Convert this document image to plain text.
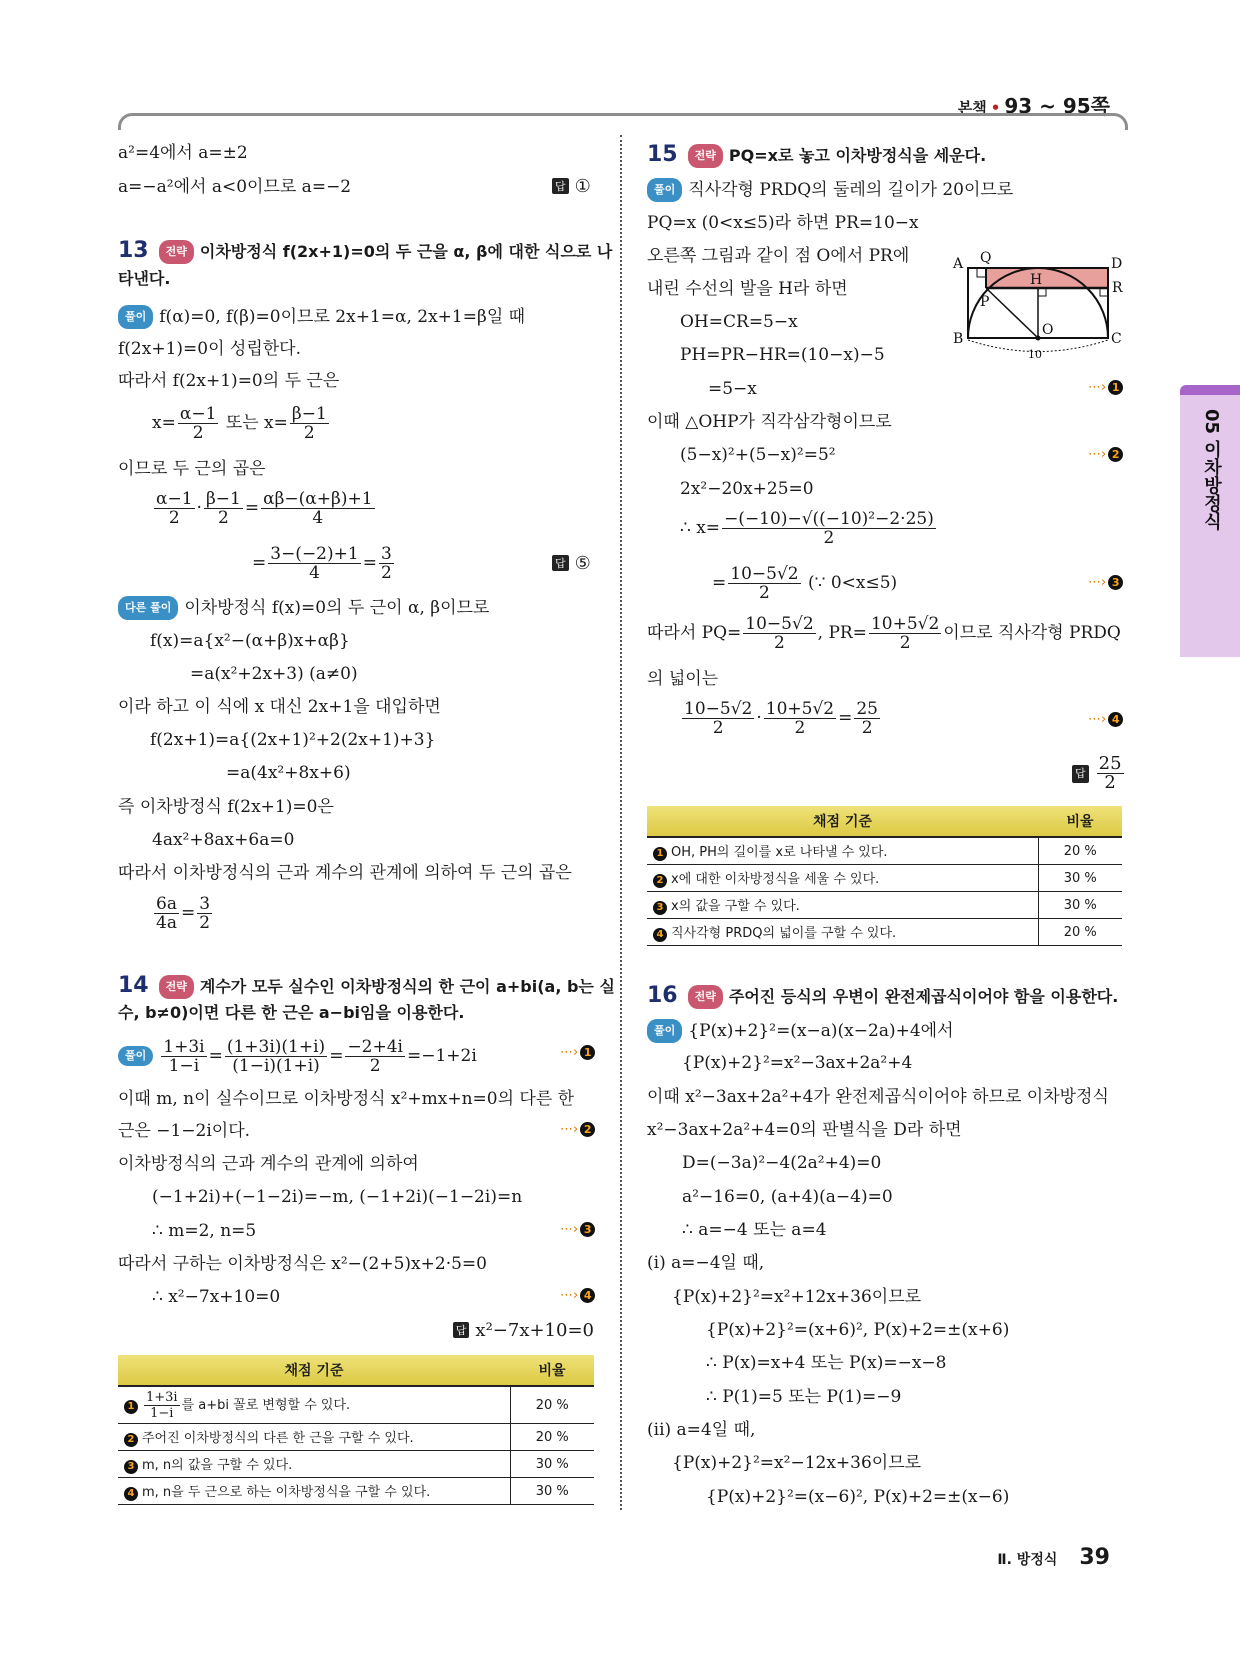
본책 • 93 ~ 95쪽
05 이차방정식
a²=4에서 a=±2
a=−a²에서 a<0이므로 a=−2	답 ①
13 전략 이차방정식 f(2x+1)=0의 두 근을 α, β에 대한 식으로 나
타낸다.
풀이 f(α)=0, f(β)=0이므로 2x+1=α, 2x+1=β일 때
f(2x+1)=0이 성립한다.
따라서 f(2x+1)=0의 두 근은
$x= \frac{\alpha-1}{2}$ 또는 $x= \frac{\beta-1}{2}$
이므로 두 근의 곱은
$\frac{\alpha-1}{2} \cdot \frac{\beta-1}{2} = \frac{\alpha\beta-(\alpha+\beta)+1}{4}$
= $\frac{3-(-2)+1}{4} = \frac{3}{2}$	답 ⑤
다른 풀이 이차방정식 f(x)=0의 두 근이 α, β이므로
f(x)=a{x²−(α+β)x+αβ}
=a(x²+2x+3) (a≠0)
이라 하고 이 식에 x 대신 2x+1을 대입하면
f(2x+1)=a{(2x+1)²+2(2x+1)+3}
=a(4x²+8x+6)
즉 이차방정식 f(2x+1)=0은
4ax²+8ax+6a=0
따라서 이차방정식의 근과 계수의 관계에 의하여 두 근의 곱은
$\frac{6a}{4a} = \frac{3}{2}$
14 전략 계수가 모두 실수인 이차방정식의 한 근이 a+bi(a, b는 실
수, b≠0)이면 다른 한 근은 a−bi임을 이용한다.
풀이 $\frac{1+3i}{1-i} = \frac{(1+3i)(1+i)}{(1-i)(1+i)} = \frac{-2+4i}{2} =-1+2i$	⋯› 1
이때 m, n이 실수이므로 이차방정식 x²+mx+n=0의 다른 한
근은 −1−2i이다.	⋯› 2
이차방정식의 근과 계수의 관계에 의하여
(−1+2i)+(−1−2i)=−m, (−1+2i)(−1−2i)=n
∴ m=2, n=5	⋯› 3
따라서 구하는 이차방정식은 x²−(2+5)x+2·5=0
∴ x²−7x+10=0	⋯› 4
답 x²−7x+10=0
채점 기준	비율
$1 \frac{1+3i}{1-i}$ 를 a+bi 꼴로 변형할 수 있다.	20 %
2 주어진 이차방정식의 다른 한 근을 구할 수 있다.	20 %
3 m, n의 값을 구할 수 있다.	30 %
4 m, n을 두 근으로 하는 이차방정식을 구할 수 있다.	30 %
15 전략 PQ=x로 놓고 이차방정식을 세운다.
풀이 직사각형 PRDQ의 둘레의 길이가 20이므로
PQ=x (0<x≤5)라 하면 PR=10−x
오른쪽 그림과 같이 점 O에서 PR에
내린 수선의 발을 H라 하면
OH=CR=5−x
PH=PR−HR=(10−x)−5
=5−x	⋯› 1
A Q	D
H	R
P
O
B	C
10
이때 △OHP가 직각삼각형이므로
(5−x)²+(5−x)²=5²	⋯› 2
2x²−20x+25=0
∴ $x= \frac{\text{−(−10)−√((−10)²−2·25)}}{2}$
= $\frac{10-5√2}{2}$ (∵ 0<x≤5)	⋯› 3
따라서 $PQ= \frac{10-5√2}{2}$ , $PR= \frac{10+5√2}{2}$ 이므로 직사각형 PRDQ
의 넓이는
$\frac{10-5√2}{2} \cdot \frac{10+5√2}{2} = \frac{25}{2}$	⋯› 4
답 $\frac{25}{2}$
채점 기준	비율
1 OH, PH의 길이를 x로 나타낼 수 있다.	20 %
2 x에 대한 이차방정식을 세울 수 있다.	30 %
3 x의 값을 구할 수 있다.	30 %
4 직사각형 PRDQ의 넓이를 구할 수 있다.	20 %
16 전략 주어진 등식의 우변이 완전제곱식이어야 함을 이용한다.
풀이 {P(x)+2}²=(x−a)(x−2a)+4에서
{P(x)+2}²=x²−3ax+2a²+4
이때 x²−3ax+2a²+4가 완전제곱식이어야 하므로 이차방정식
x²−3ax+2a²+4=0의 판별식을 D라 하면
D=(−3a)²−4(2a²+4)=0
a²−16=0, (a+4)(a−4)=0
∴ a=−4 또는 a=4
(i) a=−4일 때,
{P(x)+2}²=x²+12x+36이므로
{P(x)+2}²=(x+6)², P(x)+2=±(x+6)
∴ P(x)=x+4 또는 P(x)=−x−8
∴ P(1)=5 또는 P(1)=−9
(ii) a=4일 때,
{P(x)+2}²=x²−12x+36이므로
{P(x)+2}²=(x−6)², P(x)+2=±(x−6)
Ⅱ. 방정식 39
